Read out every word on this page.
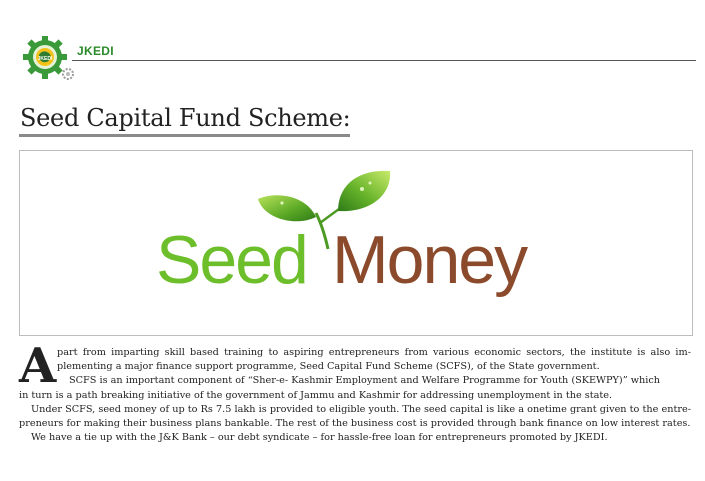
JKEDI
JKEDI
Seed Capital Fund Scheme:
Seed Money

A part from imparting skill based training to aspiring entrepreneurs from various economic sectors, the institute is also im- plementing a major finance support programme, Seed Capital Fund Scheme (SCFS), of the State government.
SCFS is an important component of “Sher-e- Kashmir Employment and Welfare Programme for Youth (SKEWPY)” which

in turn is a path breaking initiative of the government of Jammu and Kashmir for addressing unemployment in the state.

Under SCFS, seed money of up to Rs 7.5 lakh is provided to eligible youth. The seed capital is like a onetime grant given to the entre-preneurs for making their business plans bankable. The rest of the business cost is provided through bank finance on low interest rates.

We have a tie up with the J&K Bank – our debt syndicate – for hassle-free loan for entrepreneurs promoted by JKEDI.
